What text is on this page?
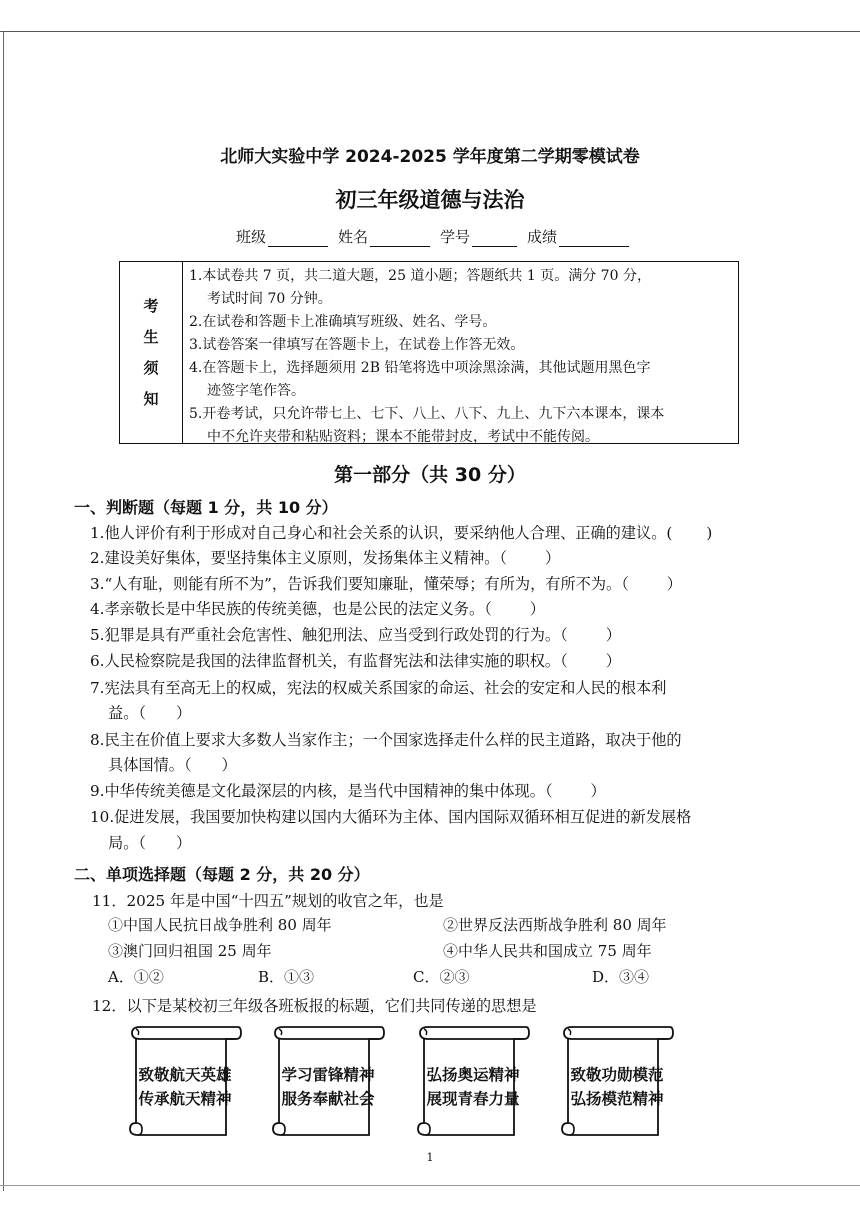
北师大实验中学 2024-2025 学年度第二学期零模试卷
初三年级道德与法治
班级	姓名	学号	成绩
考
生
须
知
1.本试卷共 7 页，共二道大题，25 道小题；答题纸共 1 页。满分 70 分，
考试时间 70 分钟。
2.在试卷和答题卡上准确填写班级、姓名、学号。
3.试卷答案一律填写在答题卡上，在试卷上作答无效。
4.在答题卡上，选择题须用 2B 铅笔将选中项涂黑涂满，其他试题用黑色字
迹签字笔作答。
5.开卷考试，只允许带七上、七下、八上、八下、九上、九下六本课本，课本
中不允许夹带和粘贴资料；课本不能带封皮，考试中不能传阅。
第一部分（共 30 分）
一、判断题（每题 1 分，共 10 分）
1.他人评价有利于形成对自己身心和社会关系的认识，要采纳他人合理、正确的建议。( )
2.建设美好集体，要坚持集体主义原则，发扬集体主义精神。（	）
3.“人有耻，则能有所不为”，告诉我们要知廉耻，懂荣辱；有所为，有所不为。（	）
4.孝亲敬长是中华民族的传统美德，也是公民的法定义务。（	）
5.犯罪是具有严重社会危害性、触犯刑法、应当受到行政处罚的行为。（	）
6.人民检察院是我国的法律监督机关，有监督宪法和法律实施的职权。（	）
7.宪法具有至高无上的权威，宪法的权威关系国家的命运、社会的安定和人民的根本利
益。（ ）
8.民主在价值上要求大多数人当家作主；一个国家选择走什么样的民主道路，取决于他的
具体国情。（ ）
9.中华传统美德是文化最深层的内核，是当代中国精神的集中体现。（	）
10.促进发展，我国要加快构建以国内大循环为主体、国内国际双循环相互促进的新发展格
局。（ ）
二、单项选择题（每题 2 分，共 20 分）
11．2025 年是中国“十四五”规划的收官之年，也是
①中国人民抗日战争胜利 80 周年	②世界反法西斯战争胜利 80 周年
③澳门回归祖国 25 周年	④中华人民共和国成立 75 周年
A．①②	B．①③	C．②③	D．③④
12．以下是某校初三年级各班板报的标题，它们共同传递的思想是
致敬航天英雄
传承航天精神
学习雷锋精神
服务奉献社会
弘扬奥运精神
展现青春力量
致敬功勋模范
弘扬模范精神
1
